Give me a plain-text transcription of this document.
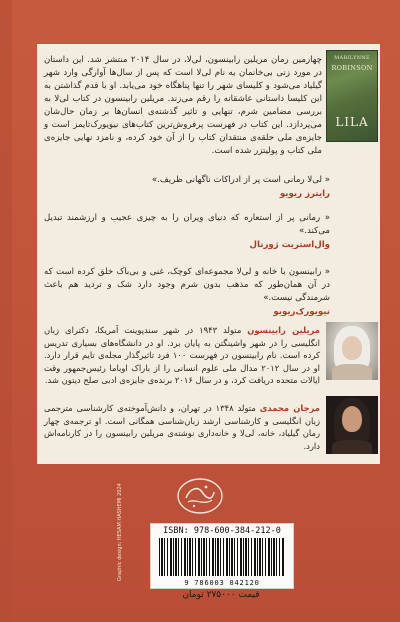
MARILYNNE
ROBINSON
LILA
چهارمین رمان مریلین رابینسون، لی‌لا، در سال ۲۰۱۴ منتشر شد. این داستان در مورد زنی بی‌خانمان به نام لی‌لا است که پس از سال‌ها آوارگی وارد شهر گیلیاد می‌شود و کلیسای شهر را تنها پناهگاه خود می‌یابد. او با قدم گذاشتن به این کلیسا داستانی عاشقانه را رقم می‌زند. مریلین رابینسون در کتاب لی‌لا به بررسی مضامین شرم، تنهایی و تاثیر گذشته‌ی انسان‌ها بر زمان حال‌شان می‌پردازد. این کتاب در فهرست پرفروش‌ترین کتاب‌های نیویورک‌تایمز است و جایزه‌ی ملی حلقه‌ی منتقدان کتاب را از آن خود کرده، و نامزد نهایی جایزه‌ی ملی کتاب و پولیتزر شده است.
« لی‌لا رمانی است پر از ادراکات ناگهانی ظریف.»
رایترز ریویو
« رمانی پر از استعاره که دنیای ویران را به چیزی عجیب و ارزشمند تبدیل می‌کند.»
وال‌استریت ژورنال
« رابینسون با خانه و لی‌لا مجموعه‌ای کوچک، غنی و بی‌باک خلق کرده است که در آن همان‌طور که مذهب بدون شرم وجود دارد شک و تردید هم باعث شرمندگی نیست.»
نیویورک‌ریویو
مریلین رابینسون متولد ۱۹۴۳ در شهر سندپوینت آمریکا، دکترای زبان انگلیسی را در شهر واشینگتن به پایان برد. او در دانشگاه‌های بسیاری تدریس کرده است. نام رابینسون در فهرست ۱۰۰ فرد تاثیرگذار مجله‌ی تایم قرار دارد. او در سال ۲۰۱۲ مدال ملی علوم انسانی را از باراک اوباما رئیس‌جمهور وقت ایالات متحده دریافت کرد، و در سال ۲۰۱۶ برنده‌ی جایزه‌ی ادبی صلح دیتون شد.
مرجان محمدی متولد ۱۳۴۸ در تهران، و دانش‌آموخته‌ی کارشناسی مترجمی زبان انگلیسی و کارشناسی ارشد زبان‌شناسی همگانی است. او ترجمه‌ی چهار رمان گیلیاد، خانه، لی‌لا و خانه‌داری نوشته‌ی مریلین رابینسون را در کارنامه‌اش دارد.
Graphic design: HESAM HASHEMI 2024	ISBN: 978-600-384-212-0
9 786003 842120
قیمت ۲۷۵۰۰۰ تومان
